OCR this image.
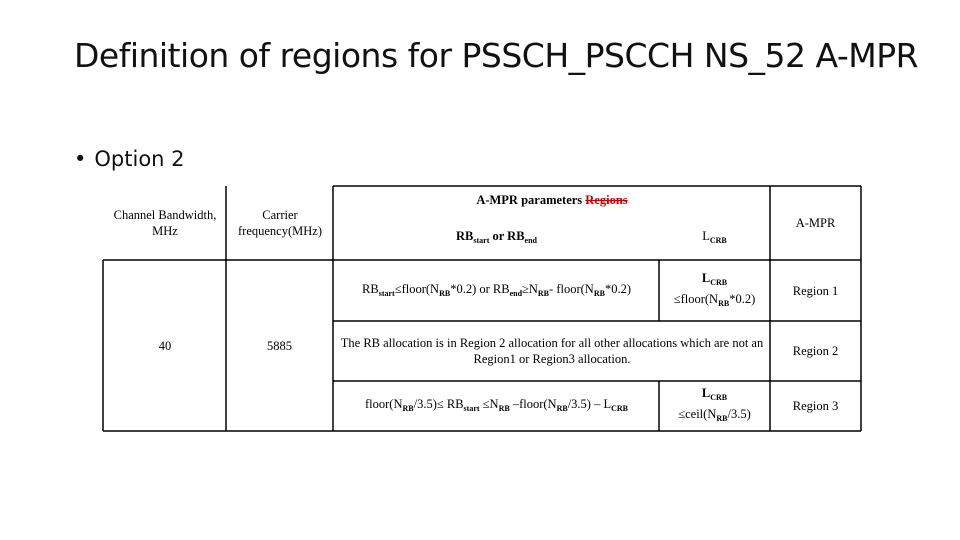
Definition of regions for PSSCH_PSCCH NS_52 A-MPR
• Option 2
Channel Bandwidth, MHz
Carrier frequency(MHz)
A-MPR parameters
Regions
$RB_{start}$ or $RB_{end}$	$L_{CRB}$
A-MPR
40	5885
$RB_{start}\le floor(N_{RB}*0.2)$ or $RB_{end}\ge N_{RB}-$ $floor(N_{RB}*0.2)$
$L_{CRB}$
$\le floor(N_{RB}*0.2)$
Region 1
The RB allocation is in Region 2 allocation for all other allocations which are not an Region1 or Region3 allocation.
Region 2
$floor(N_{RB}/3.5)\le RB_{start} \le N_{RB}$ $-floor(N_{RB}/3.5) - L_{CRB}$
$L_{CRB}$
$\le ceil(N_{RB}/3.5)$
Region 3
